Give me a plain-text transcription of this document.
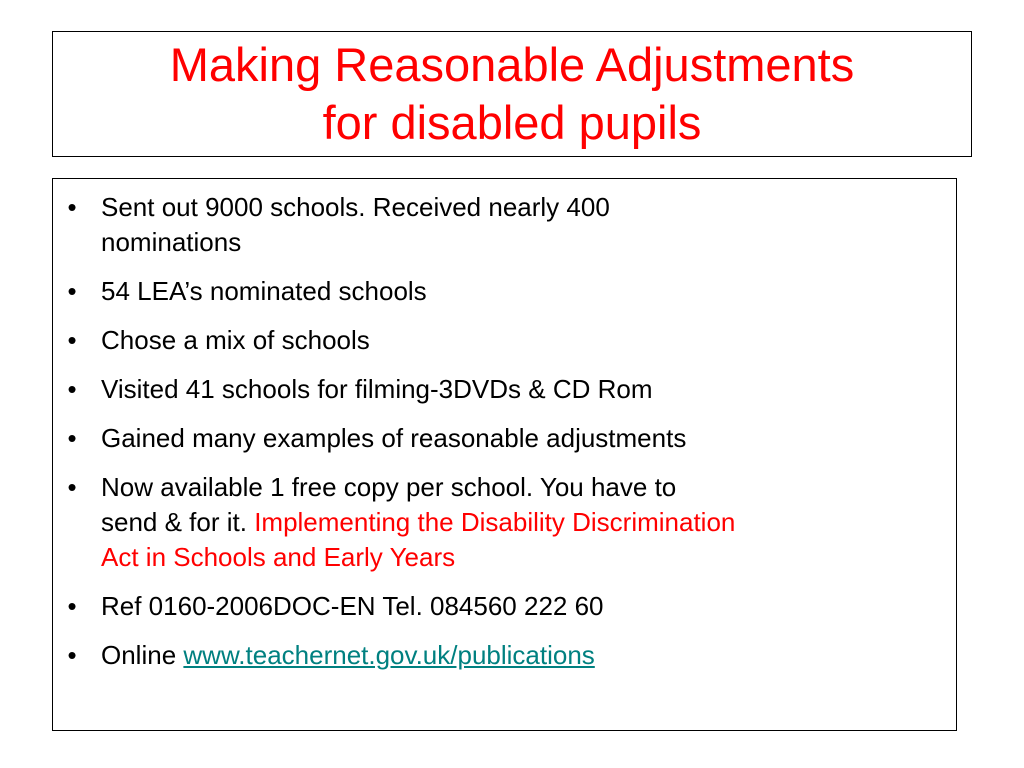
Making Reasonable Adjustments
for disabled pupils
• Sent out 9000 schools. Received nearly 400
nominations
• 54 LEA’s nominated schools
• Chose a mix of schools
• Visited 41 schools for filming-3DVDs & CD Rom
• Gained many examples of reasonable adjustments
• Now available 1 free copy per school. You have to
send & for it. Implementing the Disability Discrimination
Act in Schools and Early Years
• Ref 0160-2006DOC-EN Tel. 084560 222 60
• Online www.teachernet.gov.uk/publications
